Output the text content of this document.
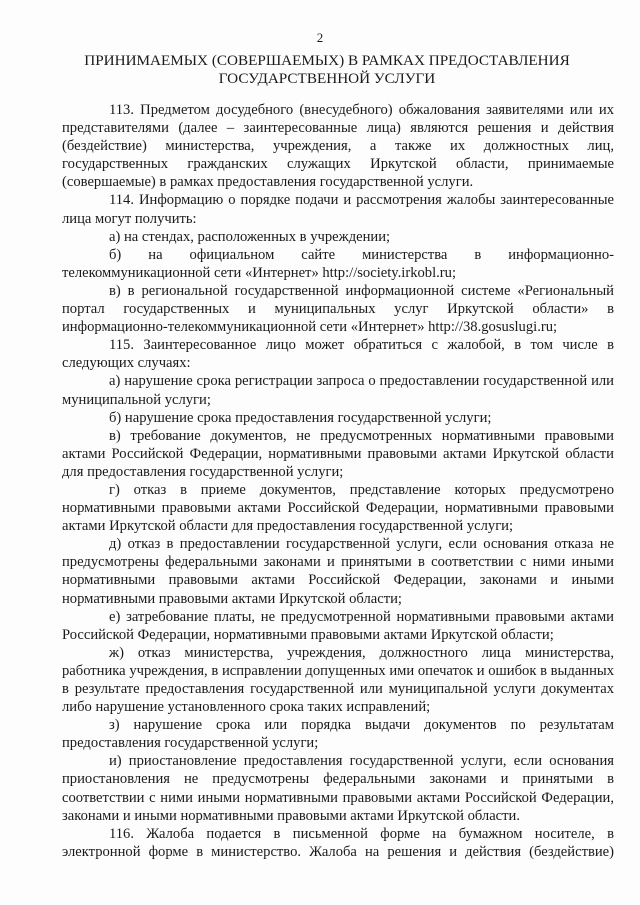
2
ПРИНИМАЕМЫХ (СОВЕРШАЕМЫХ) В РАМКАХ ПРЕДОСТАВЛЕНИЯ
ГОСУДАРСТВЕННОЙ УСЛУГИ

113. Предметом досудебного (внесудебного) обжалования заявителями или их представителями (далее – заинтересованные лица) являются решения и действия (бездействие) министерства, учреждения, а также их должностных лиц, государственных гражданских служащих Иркутской области, принимаемые (совершаемые) в рамках предоставления государственной услуги.

114. Информацию о порядке подачи и рассмотрения жалобы заинтересованные лица могут получить:

а) на стендах, расположенных в учреждении;

б) на официальном сайте министерства в информационно-телекоммуникационной сети «Интернет» http://society.irkobl.ru;

в) в региональной государственной информационной системе «Региональный портал государственных и муниципальных услуг Иркутской области» в информационно-телекоммуникационной сети «Интернет» http://38.gosuslugi.ru;

115. Заинтересованное лицо может обратиться с жалобой, в том числе в следующих случаях:

а) нарушение срока регистрации запроса о предоставлении государственной или муниципальной услуги;

б) нарушение срока предоставления государственной услуги;

в) требование документов, не предусмотренных нормативными правовыми актами Российской Федерации, нормативными правовыми актами Иркутской области для предоставления государственной услуги;

г) отказ в приеме документов, представление которых предусмотрено нормативными правовыми актами Российской Федерации, нормативными правовыми актами Иркутской области для предоставления государственной услуги;

д) отказ в предоставлении государственной услуги, если основания отказа не предусмотрены федеральными законами и принятыми в соответствии с ними иными нормативными правовыми актами Российской Федерации, законами и иными нормативными правовыми актами Иркутской области;

е) затребование платы, не предусмотренной нормативными правовыми актами Российской Федерации, нормативными правовыми актами Иркутской области;

ж) отказ министерства, учреждения, должностного лица министерства, работника учреждения, в исправлении допущенных ими опечаток и ошибок в выданных в результате предоставления государственной или муниципальной услуги документах либо нарушение установленного срока таких исправлений;

з) нарушение срока или порядка выдачи документов по результатам предоставления государственной услуги;

и) приостановление предоставления государственной услуги, если основания приостановления не предусмотрены федеральными законами и принятыми в соответствии с ними иными нормативными правовыми актами Российской Федерации, законами и иными нормативными правовыми актами Иркутской области.

116. Жалоба подается в письменной форме на бумажном носителе, в электронной форме в министерство. Жалоба на решения и действия (бездействие)
